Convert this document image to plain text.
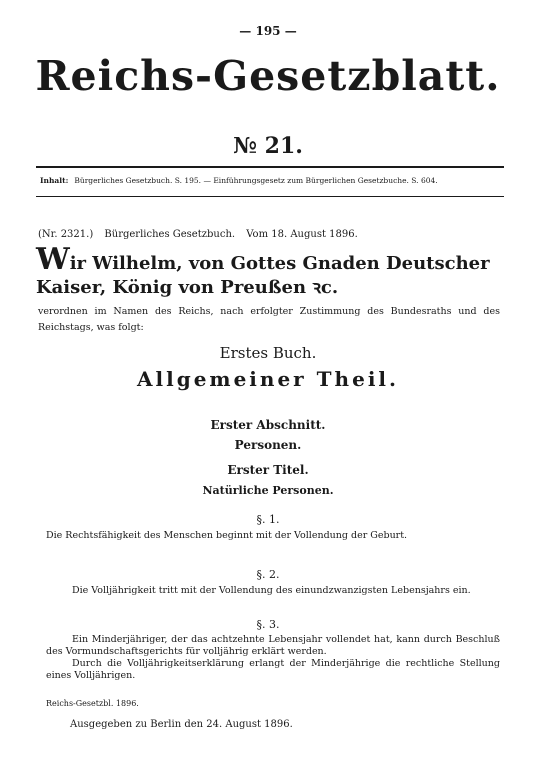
— 195 —
Reichs-Gesetzblatt.
№ 21.
Inhalt: Bürgerliches Gesetzbuch. S. 195. — Einführungsgesetz zum Bürgerlichen Gesetzbuche. S. 604.
(Nr. 2321.) Bürgerliches Gesetzbuch. Vom 18. August 1896.
Wir Wilhelm, von Gottes Gnaden Deutscher Kaiser, König von Preußen ꝛc.
verordnen im Namen des Reichs, nach erfolgter Zustimmung des Bundesraths und des Reichstags, was folgt:
Erstes Buch.
Allgemeiner Theil.
Erster Abschnitt.
Personen.
Erster Titel.
Natürliche Personen.
§. 1.
Die Rechtsfähigkeit des Menschen beginnt mit der Vollendung der Geburt.
§. 2.
Die Volljährigkeit tritt mit der Vollendung des einundzwanzigsten Lebensjahrs ein.
§. 3.
Ein Minderjähriger, der das achtzehnte Lebensjahr vollendet hat, kann durch Beschluß des Vormundschaftsgerichts für volljährig erklärt werden.
Durch die Volljährigkeitserklärung erlangt der Minderjährige die rechtliche Stellung eines Volljährigen.
Reichs-Gesetzbl. 1896.
Ausgegeben zu Berlin den 24. August 1896.
